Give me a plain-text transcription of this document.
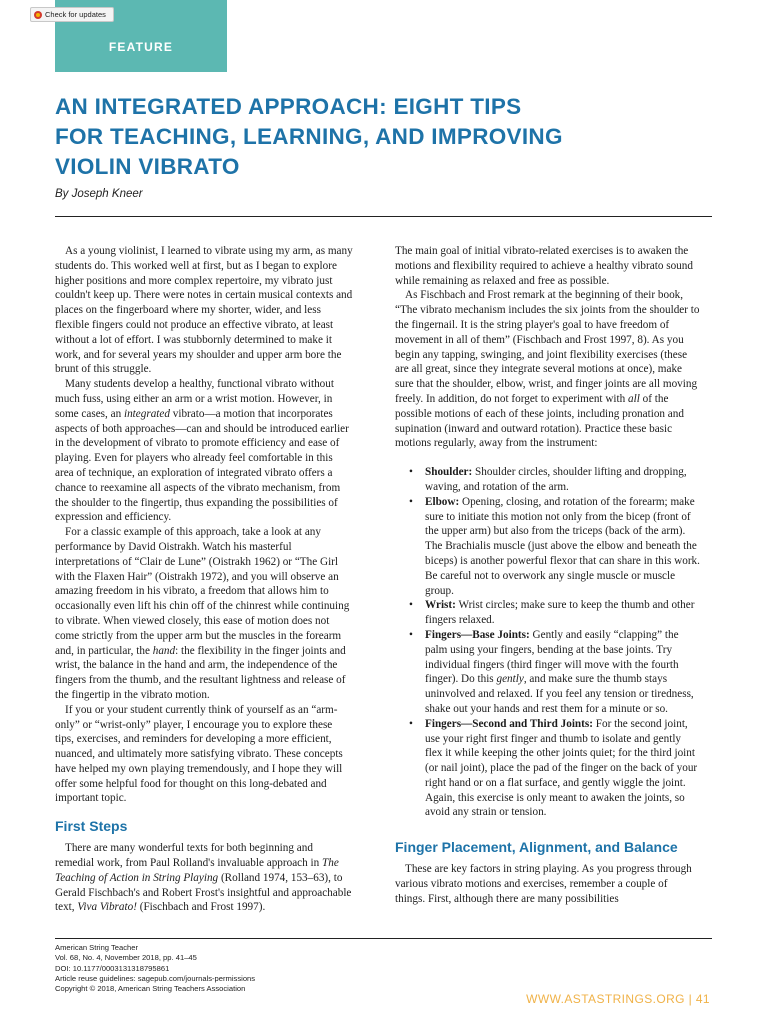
FEATURE
Check for updates
AN INTEGRATED APPROACH: EIGHT TIPS
FOR TEACHING, LEARNING, AND IMPROVING
VIOLIN VIBRATO
By Joseph Kneer

As a young violinist, I learned to vibrate using my arm, as many students do. This worked well at first, but as I began to explore higher positions and more complex repertoire, my vibrato just couldn't keep up. There were notes in certain musical contexts and places on the fingerboard where my shorter, wider, and less flexible fingers could not produce an effective vibrato, at least without a lot of effort. I was stubbornly determined to make it work, and for several years my shoulder and upper arm bore the brunt of this struggle.

Many students develop a healthy, functional vibrato without much fuss, using either an arm or a wrist motion. However, in some cases, an integrated vibrato—a motion that incorporates aspects of both approaches—can and should be introduced earlier in the development of vibrato to promote efficiency and ease of playing. Even for players who already feel comfortable in this area of technique, an exploration of integrated vibrato offers a chance to reexamine all aspects of the vibrato mechanism, from the shoulder to the fingertip, thus expanding the possibilities of expression and efficiency.

For a classic example of this approach, take a look at any performance by David Oistrakh. Watch his masterful interpretations of “Clair de Lune” (Oistrakh 1962) or “The Girl with the Flaxen Hair” (Oistrakh 1972), and you will observe an amazing freedom in his vibrato, a freedom that allows him to occasionally even lift his chin off of the chinrest while continuing to vibrate. When viewed closely, this ease of motion does not come strictly from the upper arm but the muscles in the forearm and, in particular, the hand: the flexibility in the finger joints and wrist, the balance in the hand and arm, the independence of the fingers from the thumb, and the resultant lightness and release of the fingertip in the vibrato motion.

If you or your student currently think of yourself as an “arm-only” or “wrist-only” player, I encourage you to explore these tips, exercises, and reminders for developing a more efficient, nuanced, and ultimately more satisfying vibrato. These concepts have helped my own playing tremendously, and I hope they will offer some helpful food for thought on this long-debated and important topic.

First Steps

There are many wonderful texts for both beginning and remedial work, from Paul Rolland's invaluable approach in The Teaching of Action in String Playing (Rolland 1974, 153–63), to Gerald Fischbach's and Robert Frost's insightful and approachable text, Viva Vibrato! (Fischbach and Frost 1997).

The main goal of initial vibrato-related exercises is to awaken the motions and flexibility required to achieve a healthy vibrato sound while remaining as relaxed and free as possible.

As Fischbach and Frost remark at the beginning of their book, “The vibrato mechanism includes the six joints from the shoulder to the fingernail. It is the string player's goal to have freedom of movement in all of them” (Fischbach and Frost 1997, 8). As you begin any tapping, swinging, and joint flexibility exercises (these are all great, since they integrate several motions at once), make sure that the shoulder, elbow, wrist, and finger joints are all moving freely. In addition, do not forget to experiment with all of the possible motions of each of these joints, including pronation and supination (inward and outward rotation). Practice these basic motions regularly, away from the instrument:

• Shoulder: Shoulder circles, shoulder lifting and dropping, waving, and rotation of the arm.
• Elbow: Opening, closing, and rotation of the forearm; make sure to initiate this motion not only from the bicep (front of the upper arm) but also from the triceps (back of the arm). The Brachialis muscle (just above the elbow and beneath the biceps) is another powerful flexor that can share in this work. Be careful not to overwork any single muscle or muscle group.
• Wrist: Wrist circles; make sure to keep the thumb and other fingers relaxed.
• Fingers—Base Joints: Gently and easily “clapping” the palm using your fingers, bending at the base joints. Try individual fingers (third finger will move with the fourth finger). Do this gently, and make sure the thumb stays uninvolved and relaxed. If you feel any tension or tiredness, shake out your hands and rest them for a minute or so.
• Fingers—Second and Third Joints: For the second joint, use your right first finger and thumb to isolate and gently flex it while keeping the other joints quiet; for the third joint (or nail joint), place the pad of the finger on the back of your right hand or on a flat surface, and gently wiggle the joint. Again, this exercise is only meant to awaken the joints, so avoid any strain or tension.
Finger Placement, Alignment, and Balance

These are key factors in string playing. As you progress through various vibrato motions and exercises, remember a couple of things. First, although there are many possibilities

American String Teacher
Vol. 68, No. 4, November 2018, pp. 41–45
DOI: 10.1177/0003131318795861
Article reuse guidelines: sagepub.com/journals-permissions
Copyright © 2018, American String Teachers Association
WWW.ASTASTRINGS.ORG | 41
